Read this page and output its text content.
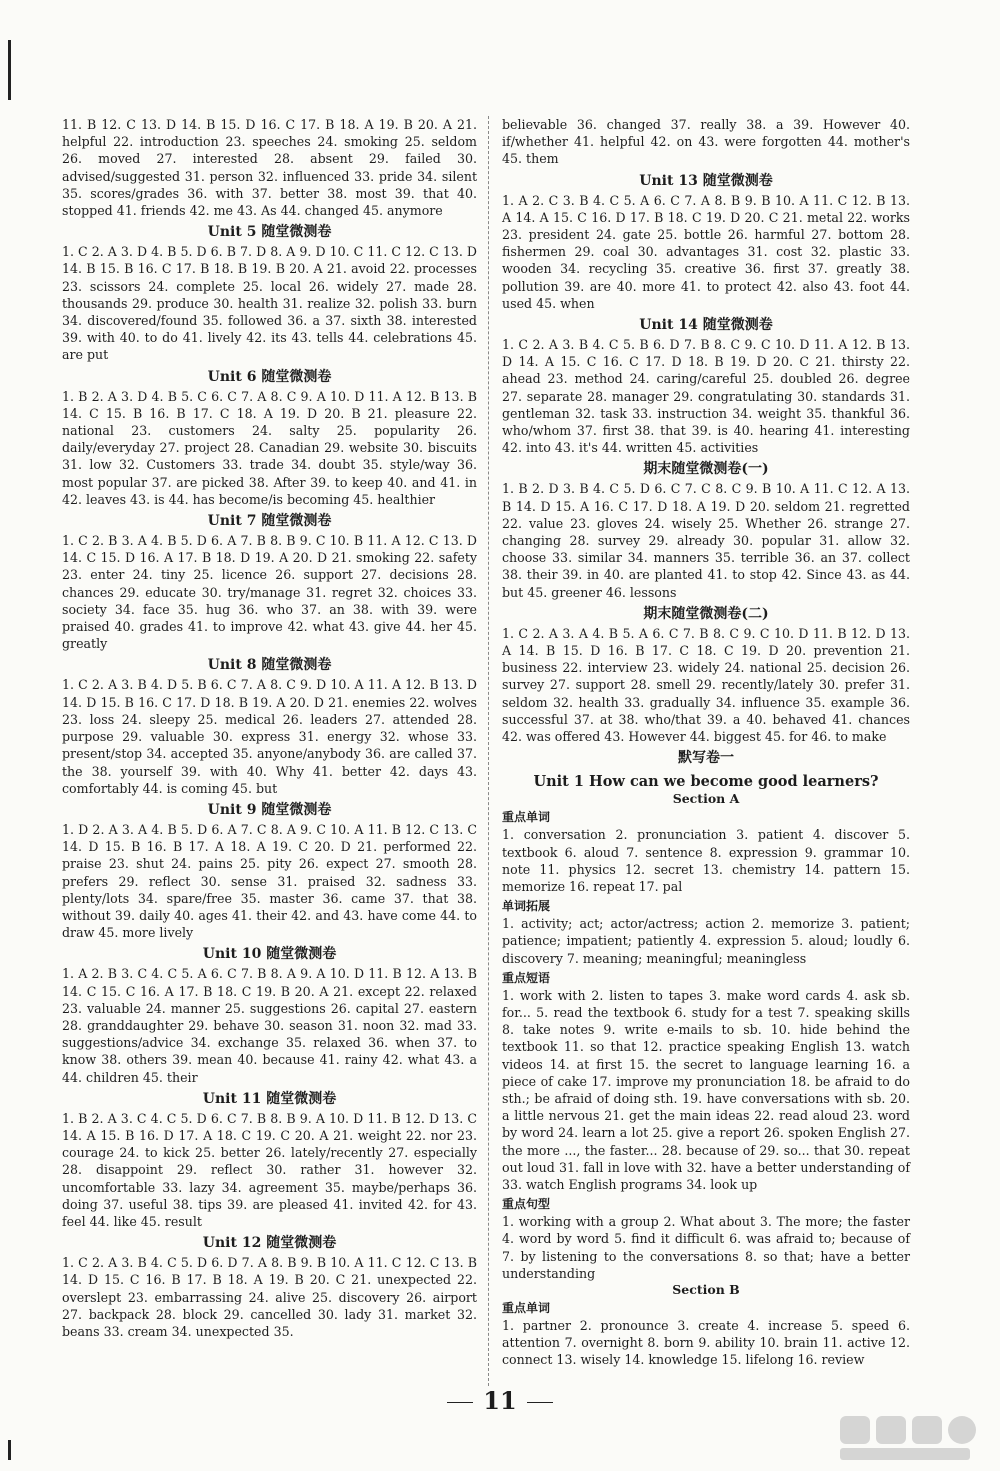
11. B 12. C 13. D 14. B 15. D 16. C 17. B 18. A 19. B 20. A 21. helpful 22. introduction 23. speeches 24. smoking 25. seldom 26. moved 27. interested 28. absent 29. failed 30. advised/suggested 31. person 32. influenced 33. pride 34. silent 35. scores/grades 36. with 37. better 38. most 39. that 40. stopped 41. friends 42. me 43. As 44. changed 45. anymore
Unit 5 随堂微测卷
1. C 2. A 3. D 4. B 5. D 6. B 7. D 8. A 9. D 10. C 11. C 12. C 13. D 14. B 15. B 16. C 17. B 18. B 19. B 20. A 21. avoid 22. processes 23. scissors 24. complete 25. local 26. widely 27. made 28. thousands 29. produce 30. health 31. realize 32. polish 33. burn 34. discovered/found 35. followed 36. a 37. sixth 38. interested 39. with 40. to do 41. lively 42. its 43. tells 44. celebrations 45. are put
Unit 6 随堂微测卷
1. B 2. A 3. D 4. B 5. C 6. C 7. A 8. C 9. A 10. D 11. A 12. B 13. B 14. C 15. B 16. B 17. C 18. A 19. D 20. B 21. pleasure 22. national 23. customers 24. salty 25. popularity 26. daily/everyday 27. project 28. Canadian 29. website 30. biscuits 31. low 32. Customers 33. trade 34. doubt 35. style/way 36. most popular 37. are picked 38. After 39. to keep 40. and 41. in 42. leaves 43. is 44. has become/is becoming 45. healthier
Unit 7 随堂微测卷
1. C 2. B 3. A 4. B 5. D 6. A 7. B 8. B 9. C 10. B 11. A 12. C 13. D 14. C 15. D 16. A 17. B 18. D 19. A 20. D 21. smoking 22. safety 23. enter 24. tiny 25. licence 26. support 27. decisions 28. chances 29. educate 30. try/manage 31. regret 32. choices 33. society 34. face 35. hug 36. who 37. an 38. with 39. were praised 40. grades 41. to improve 42. what 43. give 44. her 45. greatly
Unit 8 随堂微测卷
1. C 2. A 3. B 4. D 5. B 6. C 7. A 8. C 9. D 10. A 11. A 12. B 13. D 14. D 15. B 16. C 17. D 18. B 19. A 20. D 21. enemies 22. wolves 23. loss 24. sleepy 25. medical 26. leaders 27. attended 28. purpose 29. valuable 30. express 31. energy 32. whose 33. present/stop 34. accepted 35. anyone/anybody 36. are called 37. the 38. yourself 39. with 40. Why 41. better 42. days 43. comfortably 44. is coming 45. but
Unit 9 随堂微测卷
1. D 2. A 3. A 4. B 5. D 6. A 7. C 8. A 9. C 10. A 11. B 12. C 13. C 14. D 15. B 16. B 17. A 18. A 19. C 20. D 21. performed 22. praise 23. shut 24. pains 25. pity 26. expect 27. smooth 28. prefers 29. reflect 30. sense 31. praised 32. sadness 33. plenty/lots 34. spare/free 35. master 36. came 37. that 38. without 39. daily 40. ages 41. their 42. and 43. have come 44. to draw 45. more lively
Unit 10 随堂微测卷
1. A 2. B 3. C 4. C 5. A 6. C 7. B 8. A 9. A 10. D 11. B 12. A 13. B 14. C 15. C 16. A 17. B 18. C 19. B 20. A 21. except 22. relaxed 23. valuable 24. manner 25. suggestions 26. capital 27. eastern 28. granddaughter 29. behave 30. season 31. noon 32. mad 33. suggestions/advice 34. exchange 35. relaxed 36. when 37. to know 38. others 39. mean 40. because 41. rainy 42. what 43. a 44. children 45. their
Unit 11 随堂微测卷
1. B 2. A 3. C 4. C 5. D 6. C 7. B 8. B 9. A 10. D 11. B 12. D 13. C 14. A 15. B 16. D 17. A 18. C 19. C 20. A 21. weight 22. nor 23. courage 24. to kick 25. better 26. lately/recently 27. especially 28. disappoint 29. reflect 30. rather 31. however 32. uncomfortable 33. lazy 34. agreement 35. maybe/perhaps 36. doing 37. useful 38. tips 39. are pleased 41. invited 42. for 43. feel 44. like 45. result
Unit 12 随堂微测卷
1. C 2. A 3. B 4. C 5. D 6. D 7. A 8. B 9. B 10. A 11. C 12. C 13. B 14. D 15. C 16. B 17. B 18. A 19. B 20. C 21. unexpected 22. overslept 23. embarrassing 24. alive 25. discovery 26. airport 27. backpack 28. block 29. cancelled 30. lady 31. market 32. beans 33. cream 34. unexpected 35.
believable 36. changed 37. really 38. a 39. However 40. if/whether 41. helpful 42. on 43. were forgotten 44. mother's 45. them
Unit 13 随堂微测卷
1. A 2. C 3. B 4. C 5. A 6. C 7. A 8. B 9. B 10. A 11. C 12. B 13. A 14. A 15. C 16. D 17. B 18. C 19. D 20. C 21. metal 22. works 23. president 24. gate 25. bottle 26. harmful 27. bottom 28. fishermen 29. coal 30. advantages 31. cost 32. plastic 33. wooden 34. recycling 35. creative 36. first 37. greatly 38. pollution 39. are 40. more 41. to protect 42. also 43. foot 44. used 45. when
Unit 14 随堂微测卷
1. C 2. A 3. B 4. C 5. B 6. D 7. B 8. C 9. C 10. D 11. A 12. B 13. D 14. A 15. C 16. C 17. D 18. B 19. D 20. C 21. thirsty 22. ahead 23. method 24. caring/careful 25. doubled 26. degree 27. separate 28. manager 29. congratulating 30. standards 31. gentleman 32. task 33. instruction 34. weight 35. thankful 36. who/whom 37. first 38. that 39. is 40. hearing 41. interesting 42. into 43. it's 44. written 45. activities
期末随堂微测卷(一)
1. B 2. D 3. B 4. C 5. D 6. C 7. C 8. C 9. B 10. A 11. C 12. A 13. B 14. D 15. A 16. C 17. D 18. A 19. D 20. seldom 21. regretted 22. value 23. gloves 24. wisely 25. Whether 26. strange 27. changing 28. survey 29. already 30. popular 31. allow 32. choose 33. similar 34. manners 35. terrible 36. an 37. collect 38. their 39. in 40. are planted 41. to stop 42. Since 43. as 44. but 45. greener 46. lessons
期末随堂微测卷(二)
1. C 2. A 3. A 4. B 5. A 6. C 7. B 8. C 9. C 10. D 11. B 12. D 13. A 14. B 15. D 16. B 17. C 18. C 19. D 20. prevention 21. business 22. interview 23. widely 24. national 25. decision 26. survey 27. support 28. smell 29. recently/lately 30. prefer 31. seldom 32. health 33. gradually 34. influence 35. example 36. successful 37. at 38. who/that 39. a 40. behaved 41. chances 42. was offered 43. However 44. biggest 45. for 46. to make
默写卷一
Unit 1 How can we become good learners?
Section A
重点单词
1. conversation 2. pronunciation 3. patient 4. discover 5. textbook 6. aloud 7. sentence 8. expression 9. grammar 10. note 11. physics 12. secret 13. chemistry 14. pattern 15. memorize 16. repeat 17. pal
单词拓展
1. activity; act; actor/actress; action 2. memorize 3. patient; patience; impatient; patiently 4. expression 5. aloud; loudly 6. discovery 7. meaning; meaningful; meaningless
重点短语
1. work with 2. listen to tapes 3. make word cards 4. ask sb. for... 5. read the textbook 6. study for a test 7. speaking skills 8. take notes 9. write e-mails to sb. 10. hide behind the textbook 11. so that 12. practice speaking English 13. watch videos 14. at first 15. the secret to language learning 16. a piece of cake 17. improve my pronunciation 18. be afraid to do sth.; be afraid of doing sth. 19. have conversations with sb. 20. a little nervous 21. get the main ideas 22. read aloud 23. word by word 24. learn a lot 25. give a report 26. spoken English 27. the more ..., the faster... 28. because of 29. so... that 30. repeat out loud 31. fall in love with 32. have a better understanding of 33. watch English programs 34. look up
重点句型
1. working with a group 2. What about 3. The more; the faster 4. word by word 5. find it difficult 6. was afraid to; because of 7. by listening to the conversations 8. so that; have a better understanding
Section B
重点单词
1. partner 2. pronounce 3. create 4. increase 5. speed 6. attention 7. overnight 8. born 9. ability 10. brain 11. active 12. connect 13. wisely 14. knowledge 15. lifelong 16. review
11
